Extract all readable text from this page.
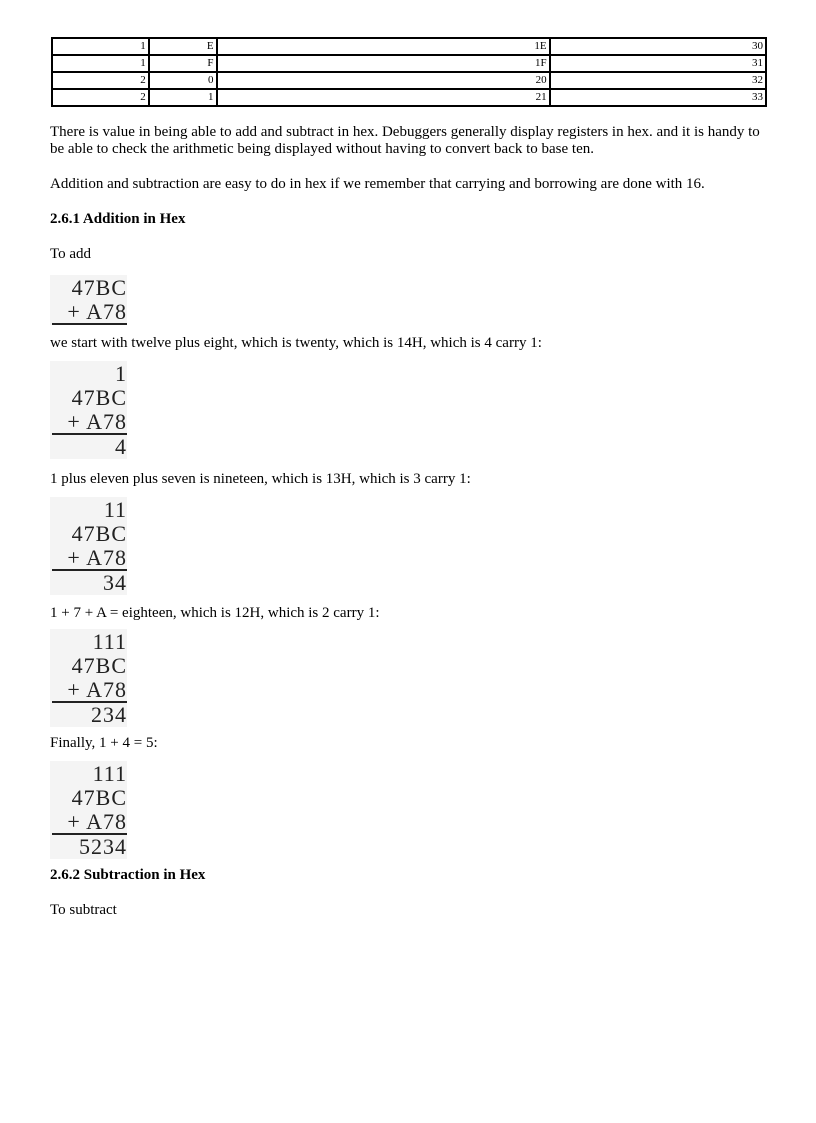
1	E	1E	30
1	F	1F	31
2	0	20	32
2	1	21	33

There is value in being able to add and subtract in hex. Debuggers generally display registers in hex. and it is handy to be able to check the arithmetic being displayed without having to convert back to base ten.

Addition and subtraction are easy to do in hex if we remember that carrying and borrowing are done with 16.

2.6.1 Addition in Hex

To add

47BC
+ A78

we start with twelve plus eight, which is twenty, which is 14H, which is 4 carry 1:

1
47BC
+ A78
4

1 plus eleven plus seven is nineteen, which is 13H, which is 3 carry 1:

11
47BC
+ A78
34

1 + 7 + A = eighteen, which is 12H, which is 2 carry 1:

111
47BC
+ A78
234

Finally, 1 + 4 = 5:

111
47BC
+ A78
5234

2.6.2 Subtraction in Hex

To subtract
